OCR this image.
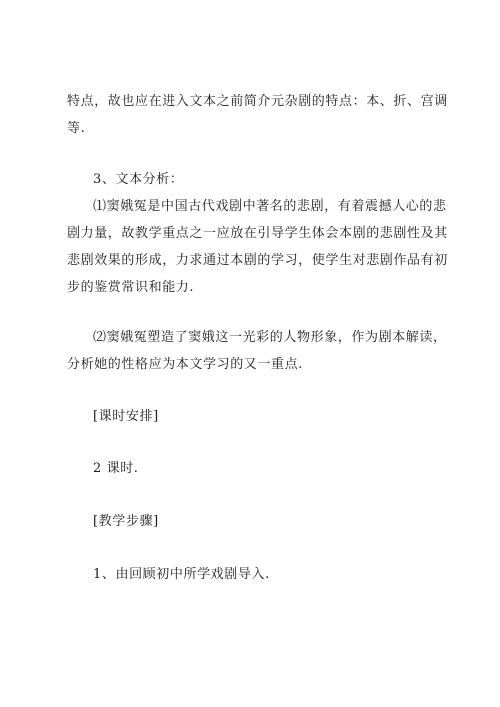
特点，故也应在进入文本之前简介元杂剧的特点：本、折、宫调
等.
3、文本分析：
⑴窦娥冤是中国古代戏剧中著名的悲剧，有着震撼人心的悲
剧力量，故教学重点之一应放在引导学生体会本剧的悲剧性及其
悲剧效果的形成，力求通过本剧的学习，使学生对悲剧作品有初
步的鉴赏常识和能力.
⑵窦娥冤塑造了窦娥这一光彩的人物形象，作为剧本解读，
分析她的性格应为本文学习的又一重点.
[课时安排]
2 课时.
[教学步骤]
1、由回顾初中所学戏剧导入.
